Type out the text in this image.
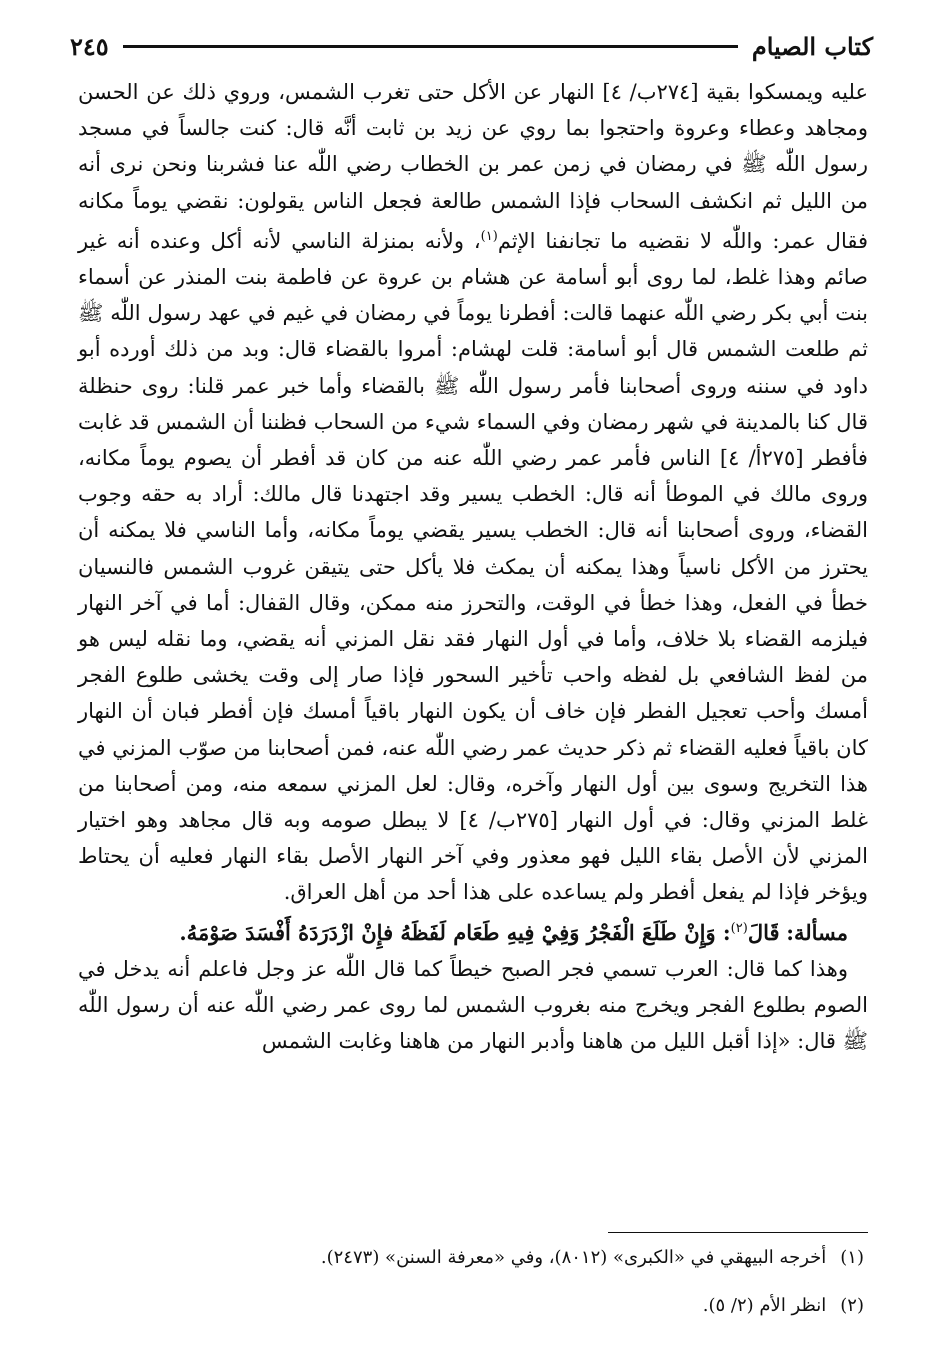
كتاب الصيام
٢٤٥

عليه ويمسكوا بقية [٢٧٤ب/ ٤] النهار عن الأكل حتى تغرب الشمس، وروي ذلك عن الحسن ومجاهد وعطاء وعروة واحتجوا بما روي عن زيد بن ثابت أنَّه قال: كنت جالساً في مسجد رسول اللّٰه ﷺ في رمضان في زمن عمر بن الخطاب رضي اللّٰه عنا فشربنا ونحن نرى أنه من الليل ثم انكشف السحاب فإذا الشمس طالعة فجعل الناس يقولون: نقضي يوماً مكانه فقال عمر: واللّٰه لا نقضيه ما تجانفنا الإثم$^{(١)}$، ولأنه بمنزلة الناسي لأنه أكل وعنده أنه غير صائم وهذا غلط، لما روى أبو أسامة عن هشام بن عروة عن فاطمة بنت المنذر عن أسماء بنت أبي بكر رضي اللّٰه عنهما قالت: أفطرنا يوماً في رمضان في غيم في عهد رسول اللّٰه ﷺ ثم طلعت الشمس قال أبو أسامة: قلت لهشام: أمروا بالقضاء قال: وبد من ذلك أورده أبو داود في سننه وروى أصحابنا فأمر رسول اللّٰه ﷺ بالقضاء وأما خبر عمر قلنا: روى حنظلة قال كنا بالمدينة في شهر رمضان وفي السماء شيء من السحاب فظننا أن الشمس قد غابت فأفطر [٢٧٥أ/ ٤] الناس فأمر عمر رضي اللّٰه عنه من كان قد أفطر أن يصوم يوماً مكانه، وروى مالك في الموطأ أنه قال: الخطب يسير وقد اجتهدنا قال مالك: أراد به حقه وجوب القضاء، وروى أصحابنا أنه قال: الخطب يسير يقضي يوماً مكانه، وأما الناسي فلا يمكنه أن يحترز من الأكل ناسياً وهذا يمكنه أن يمكث فلا يأكل حتى يتيقن غروب الشمس فالنسيان خطأ في الفعل، وهذا خطأ في الوقت، والتحرز منه ممكن، وقال القفال: أما في آخر النهار فيلزمه القضاء بلا خلاف، وأما في أول النهار فقد نقل المزني أنه يقضي، وما نقله ليس هو من لفظ الشافعي بل لفظه واحب تأخير السحور فإذا صار إلى وقت يخشى طلوع الفجر أمسك وأحب تعجيل الفطر فإن خاف أن يكون النهار باقياً أمسك فإن أفطر فبان أن النهار كان باقياً فعليه القضاء ثم ذكر حديث عمر رضي اللّٰه عنه، فمن أصحابنا من صوّب المزني في هذا التخريج وسوى بين أول النهار وآخره، وقال: لعل المزني سمعه منه، ومن أصحابنا من غلط المزني وقال: في أول النهار [٢٧٥ب/ ٤] لا يبطل صومه وبه قال مجاهد وهو اختيار المزني لأن الأصل بقاء الليل فهو معذور وفي آخر النهار الأصل بقاء النهار فعليه أن يحتاط ويؤخر فإذا لم يفعل أفطر ولم يساعده على هذا أحد من أهل العراق.

مسألة: قَالَ$^{(٢)}$: وَإِنْ طَلَعَ الْفَجْرُ وَفِيْ فِيهِ طَعَام لَفَظَهُ فإِنْ ازْدَرَدَهُ أَفْسَدَ صَوْمَهُ.

وهذا كما قال: العرب تسمي فجر الصبح خيطاً كما قال اللّٰه عز وجل فاعلم أنه يدخل في الصوم بطلوع الفجر ويخرج منه بغروب الشمس لما روى عمر رضي اللّٰه عنه أن رسول اللّٰه ﷺ قال: «إذا أقبل الليل من هاهنا وأدبر النهار من هاهنا وغابت الشمس

(١)أخرجه البيهقي في «الكبرى» (٨٠١٢)، وفي «معرفة السنن» (٢٤٧٣).
(٢)انظر الأم (٢/ ٥).
